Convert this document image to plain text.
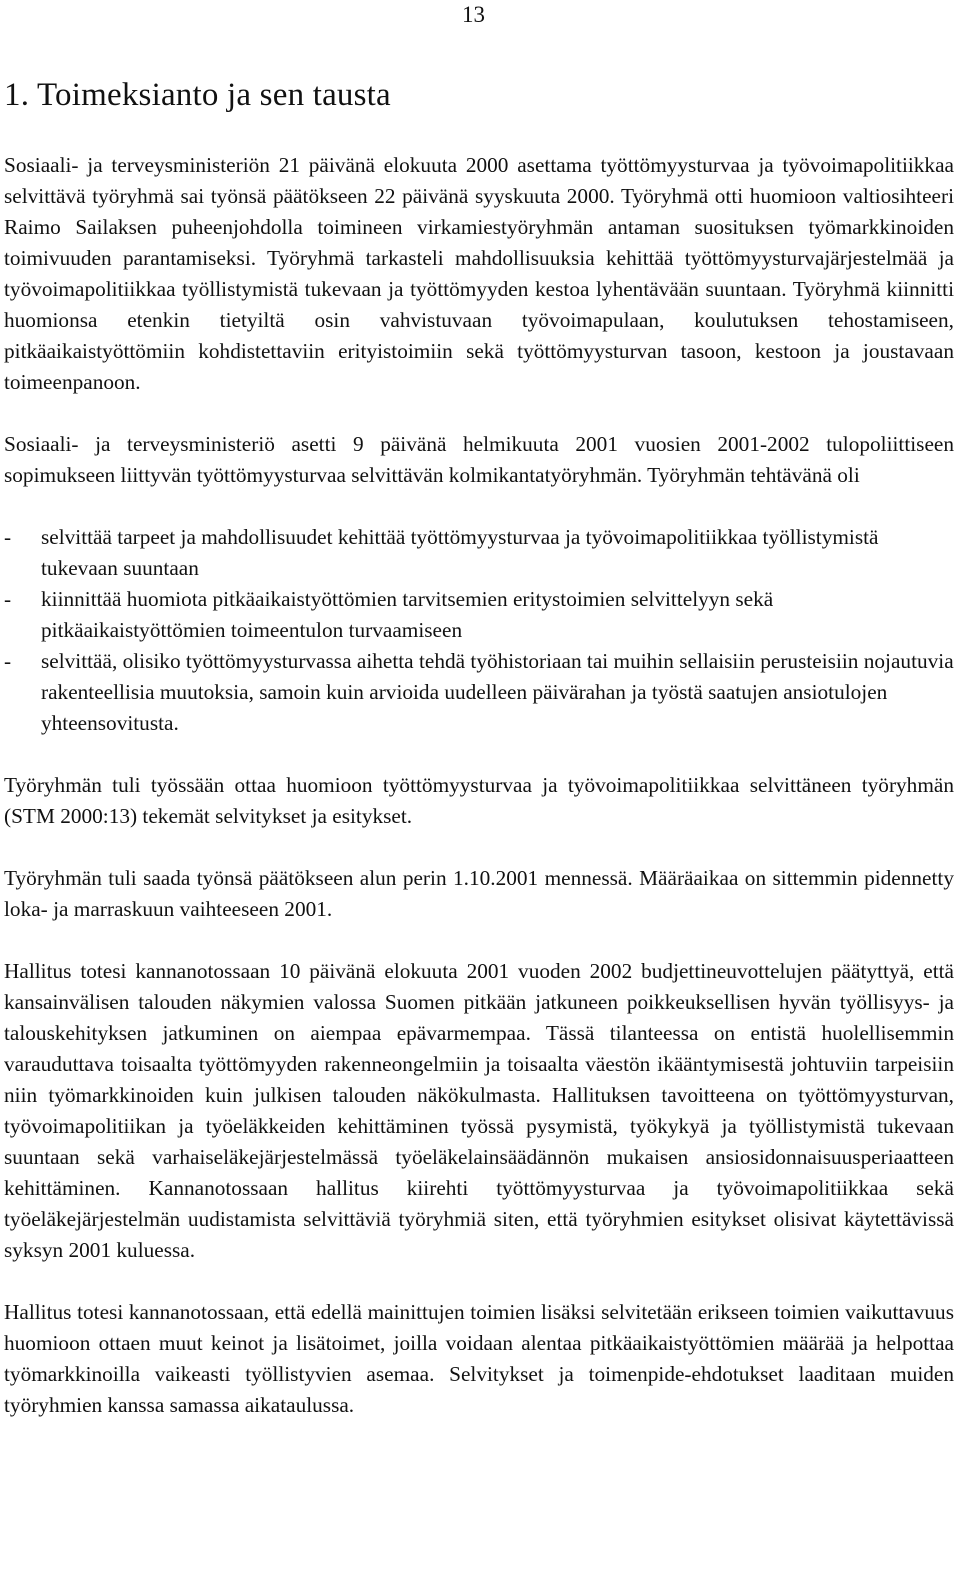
13
1. Toimeksianto ja sen tausta

Sosiaali- ja terveysministeriön 21 päivänä elokuuta 2000 asettama työttömyysturvaa ja työvoimapolitiikkaa selvittävä työryhmä sai työnsä päätökseen 22 päivänä syyskuuta 2000. Työryhmä otti huomioon valtiosihteeri Raimo Sailaksen puheenjohdolla toimineen virkamiestyöryhmän antaman suosituksen työmarkkinoiden toimivuuden parantamiseksi. Työryhmä tarkasteli mahdollisuuksia kehittää työttömyysturvajärjestelmää ja työvoimapolitiikkaa työllistymistä tukevaan ja työttömyyden kestoa lyhentävään suuntaan. Työryhmä kiinnitti huomionsa etenkin tietyiltä osin vahvistuvaan työvoimapulaan, koulutuksen tehostamiseen, pitkäaikaistyöttömiin kohdistettaviin erityistoimiin sekä työttömyysturvan tasoon, kestoon ja joustavaan toimeenpanoon.

Sosiaali- ja terveysministeriö asetti 9 päivänä helmikuuta 2001 vuosien 2001-2002 tulopoliittiseen sopimukseen liittyvän työttömyysturvaa selvittävän kolmikantatyöryhmän. Työryhmän tehtävänä oli

- selvittää tarpeet ja mahdollisuudet kehittää työttömyysturvaa ja työvoimapolitiikkaa työllistymistä tukevaan suuntaan
- kiinnittää huomiota pitkäaikaistyöttömien tarvitsemien eritystoimien selvittelyyn sekä pitkäaikaistyöttömien toimeentulon turvaamiseen
- selvittää, olisiko työttömyysturvassa aihetta tehdä työhistoriaan tai muihin sellaisiin perusteisiin nojautuvia rakenteellisia muutoksia, samoin kuin arvioida uudelleen päivärahan ja työstä saatujen ansiotulojen yhteensovitusta.

Työryhmän tuli työssään ottaa huomioon työttömyysturvaa ja työvoimapolitiikkaa selvittäneen työryhmän (STM 2000:13) tekemät selvitykset ja esitykset.

Työryhmän tuli saada työnsä päätökseen alun perin 1.10.2001 mennessä. Määräaikaa on sittemmin pidennetty loka- ja marraskuun vaihteeseen 2001.

Hallitus totesi kannanotossaan 10 päivänä elokuuta 2001 vuoden 2002 budjettineuvottelujen päätyttyä, että kansainvälisen talouden näkymien valossa Suomen pitkään jatkuneen poikkeuksellisen hyvän työllisyys- ja talouskehityksen jatkuminen on aiempaa epävarmempaa. Tässä tilanteessa on entistä huolellisemmin varauduttava toisaalta työttömyyden rakenneongelmiin ja toisaalta väestön ikääntymisestä johtuviin tarpeisiin niin työmarkkinoiden kuin julkisen talouden näkökulmasta. Hallituksen tavoitteena on työttömyysturvan, työvoimapolitiikan ja työeläkkeiden kehittäminen työssä pysymistä, työkykyä ja työllistymistä tukevaan suuntaan sekä varhaiseläkejärjestelmässä työeläkelainsäädännön mukaisen ansiosidonnaisuusperiaatteen kehittäminen. Kannanotossaan hallitus kiirehti työttömyysturvaa ja työvoimapolitiikkaa sekä työeläkejärjestelmän uudistamista selvittäviä työryhmiä siten, että työryhmien esitykset olisivat käytettävissä syksyn 2001 kuluessa.

Hallitus totesi kannanotossaan, että edellä mainittujen toimien lisäksi selvitetään erikseen toimien vaikuttavuus huomioon ottaen muut keinot ja lisätoimet, joilla voidaan alentaa pitkäaikaistyöttömien määrää ja helpottaa työmarkkinoilla vaikeasti työllistyvien asemaa. Selvitykset ja toimenpide-ehdotukset laaditaan muiden työryhmien kanssa samassa aikataulussa.
